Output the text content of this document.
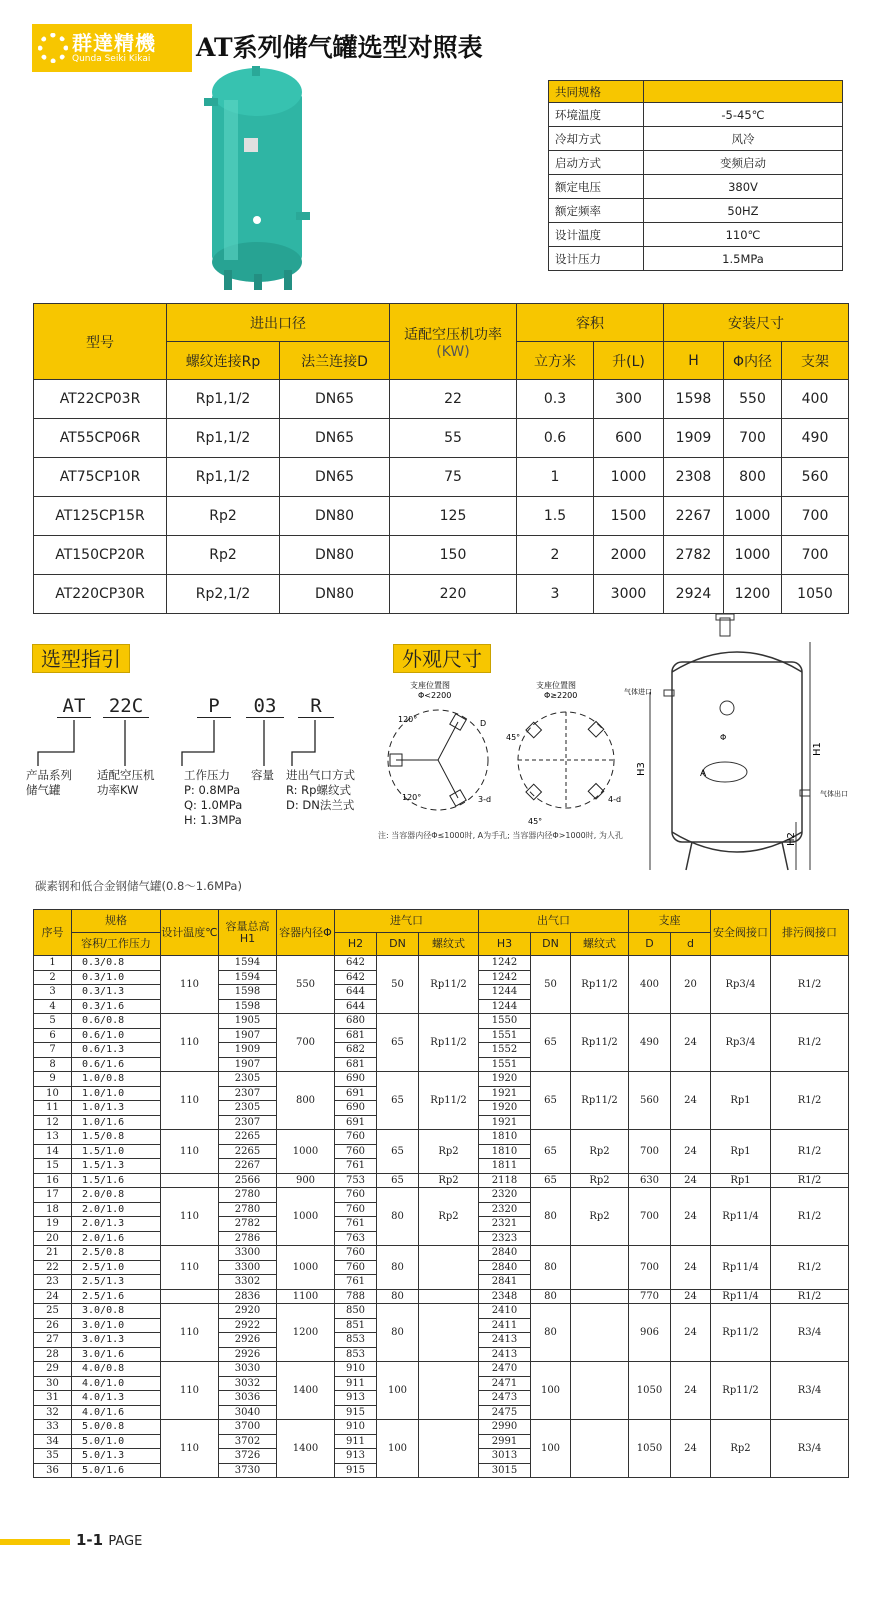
群達精機
Qunda Seiki Kikai AT系列储气罐选型对照表
共同规格	
环境温度	-5-45℃
冷却方式	风冷
启动方式	变频启动
额定电压	380V
额定频率	50HZ
设计温度	110℃
设计压力	1.5MPa
型号	进出口径		适配空压机功率
(KW)	容积		安装尺寸		
	螺纹连接Rp	法兰连接D		立方米	升(L)	H	Φ内径	支架
AT22CP03R	Rp1,1/2	DN65	22	0.3	300	1598	550	400
AT55CP06R	Rp1,1/2	DN65	55	0.6	600	1909	700	490
AT75CP10R	Rp1,1/2	DN65	75	1	1000	2308	800	560
AT125CP15R	Rp2	DN80	125	1.5	1500	2267	1000	700
AT150CP20R	Rp2	DN80	150	2	2000	2782	1000	700
AT220CP30R	Rp2,1/2	DN80	220	3	3000	2924	1200	1050
选型指引	外观尺寸
AT	22C	P	03	R
产品系列
储气罐
适配空压机
功率KW
工作压力
P: 0.8MPa
Q: 1.0MPa
H: 1.3MPa
容量 进出气口方式
R: Rp螺纹式
D: DN法兰式
支座位置图
Φ<2200
120°
120°
D
3-d
支座位置图
Φ≥2200
45°
45°
4-d
注: 当容器内径Φ≤1000时, A为手孔; 当容器内径Φ>1000时, 为人孔
气体进口
气体出口
A
Φ
H1
H3
H2
碳素钢和低合金钢储气罐(0.8～1.6MPa)
序号	规格	设计温度℃	容量总高H1	容器内径Φ	进气口			出气口			支座		安全阀接口	排污阀接口
	容积/工作压力				H2	DN	螺纹式	H3	DN	螺纹式	D	d		
1	0.3/0.8	110	1594	550	642	50	Rp11/2	1242	50	Rp11/2	400	20	Rp3/4	R1/2
2	0.3/1.0		1594		642			1242						
3	0.3/1.3		1598		644			1244						
4	0.3/1.6		1598		644			1244						
5	0.6/0.8	110	1905	700	680	65	Rp11/2	1550	65	Rp11/2	490	24	Rp3/4	R1/2
6	0.6/1.0		1907		681			1551						
7	0.6/1.3		1909		682			1552						
8	0.6/1.6		1907		681			1551						
9	1.0/0.8	110	2305	800	690	65	Rp11/2	1920	65	Rp11/2	560	24	Rp1	R1/2
10	1.0/1.0		2307		691			1921						
11	1.0/1.3		2305		690			1920						
12	1.0/1.6		2307		691			1921						
13	1.5/0.8	110	2265	1000	760	65	Rp2	1810	65	Rp2	700	24	Rp1	R1/2
14	1.5/1.0		2265		760			1810						
15	1.5/1.3		2267		761			1811						
16	1.5/1.6		2566	900	753	65	Rp2	2118	65	Rp2	630	24	Rp1	R1/2
17	2.0/0.8	110	2780	1000	760	80	Rp2	2320	80	Rp2	700	24	Rp11/4	R1/2
18	2.0/1.0		2780		760			2320						
19	2.0/1.3		2782		761			2321						
20	2.0/1.6		2786		763			2323						
21	2.5/0.8	110	3300	1000	760	80		2840	80		700	24	Rp11/4	R1/2
22	2.5/1.0		3300		760			2840						
23	2.5/1.3		3302		761			2841						
24	2.5/1.6		2836	1100	788	80		2348	80		770	24	Rp11/4	R1/2
25	3.0/0.8	110	2920	1200	850	80		2410	80		906	24	Rp11/2	R3/4
26	3.0/1.0		2922		851			2411						
27	3.0/1.3		2926		853			2413						
28	3.0/1.6		2926		853			2413						
29	4.0/0.8	110	3030	1400	910	100		2470	100		1050	24	Rp11/2	R3/4
30	4.0/1.0		3032		911			2471						
31	4.0/1.3		3036		913			2473						
32	4.0/1.6		3040		915			2475						
33	5.0/0.8	110	3700	1400	910	100		2990	100		1050	24	Rp2	R3/4
34	5.0/1.0		3702		911			2991						
35	5.0/1.3		3726		913			3013						
36	5.0/1.6		3730		915			3015						
1-1 PAGE
